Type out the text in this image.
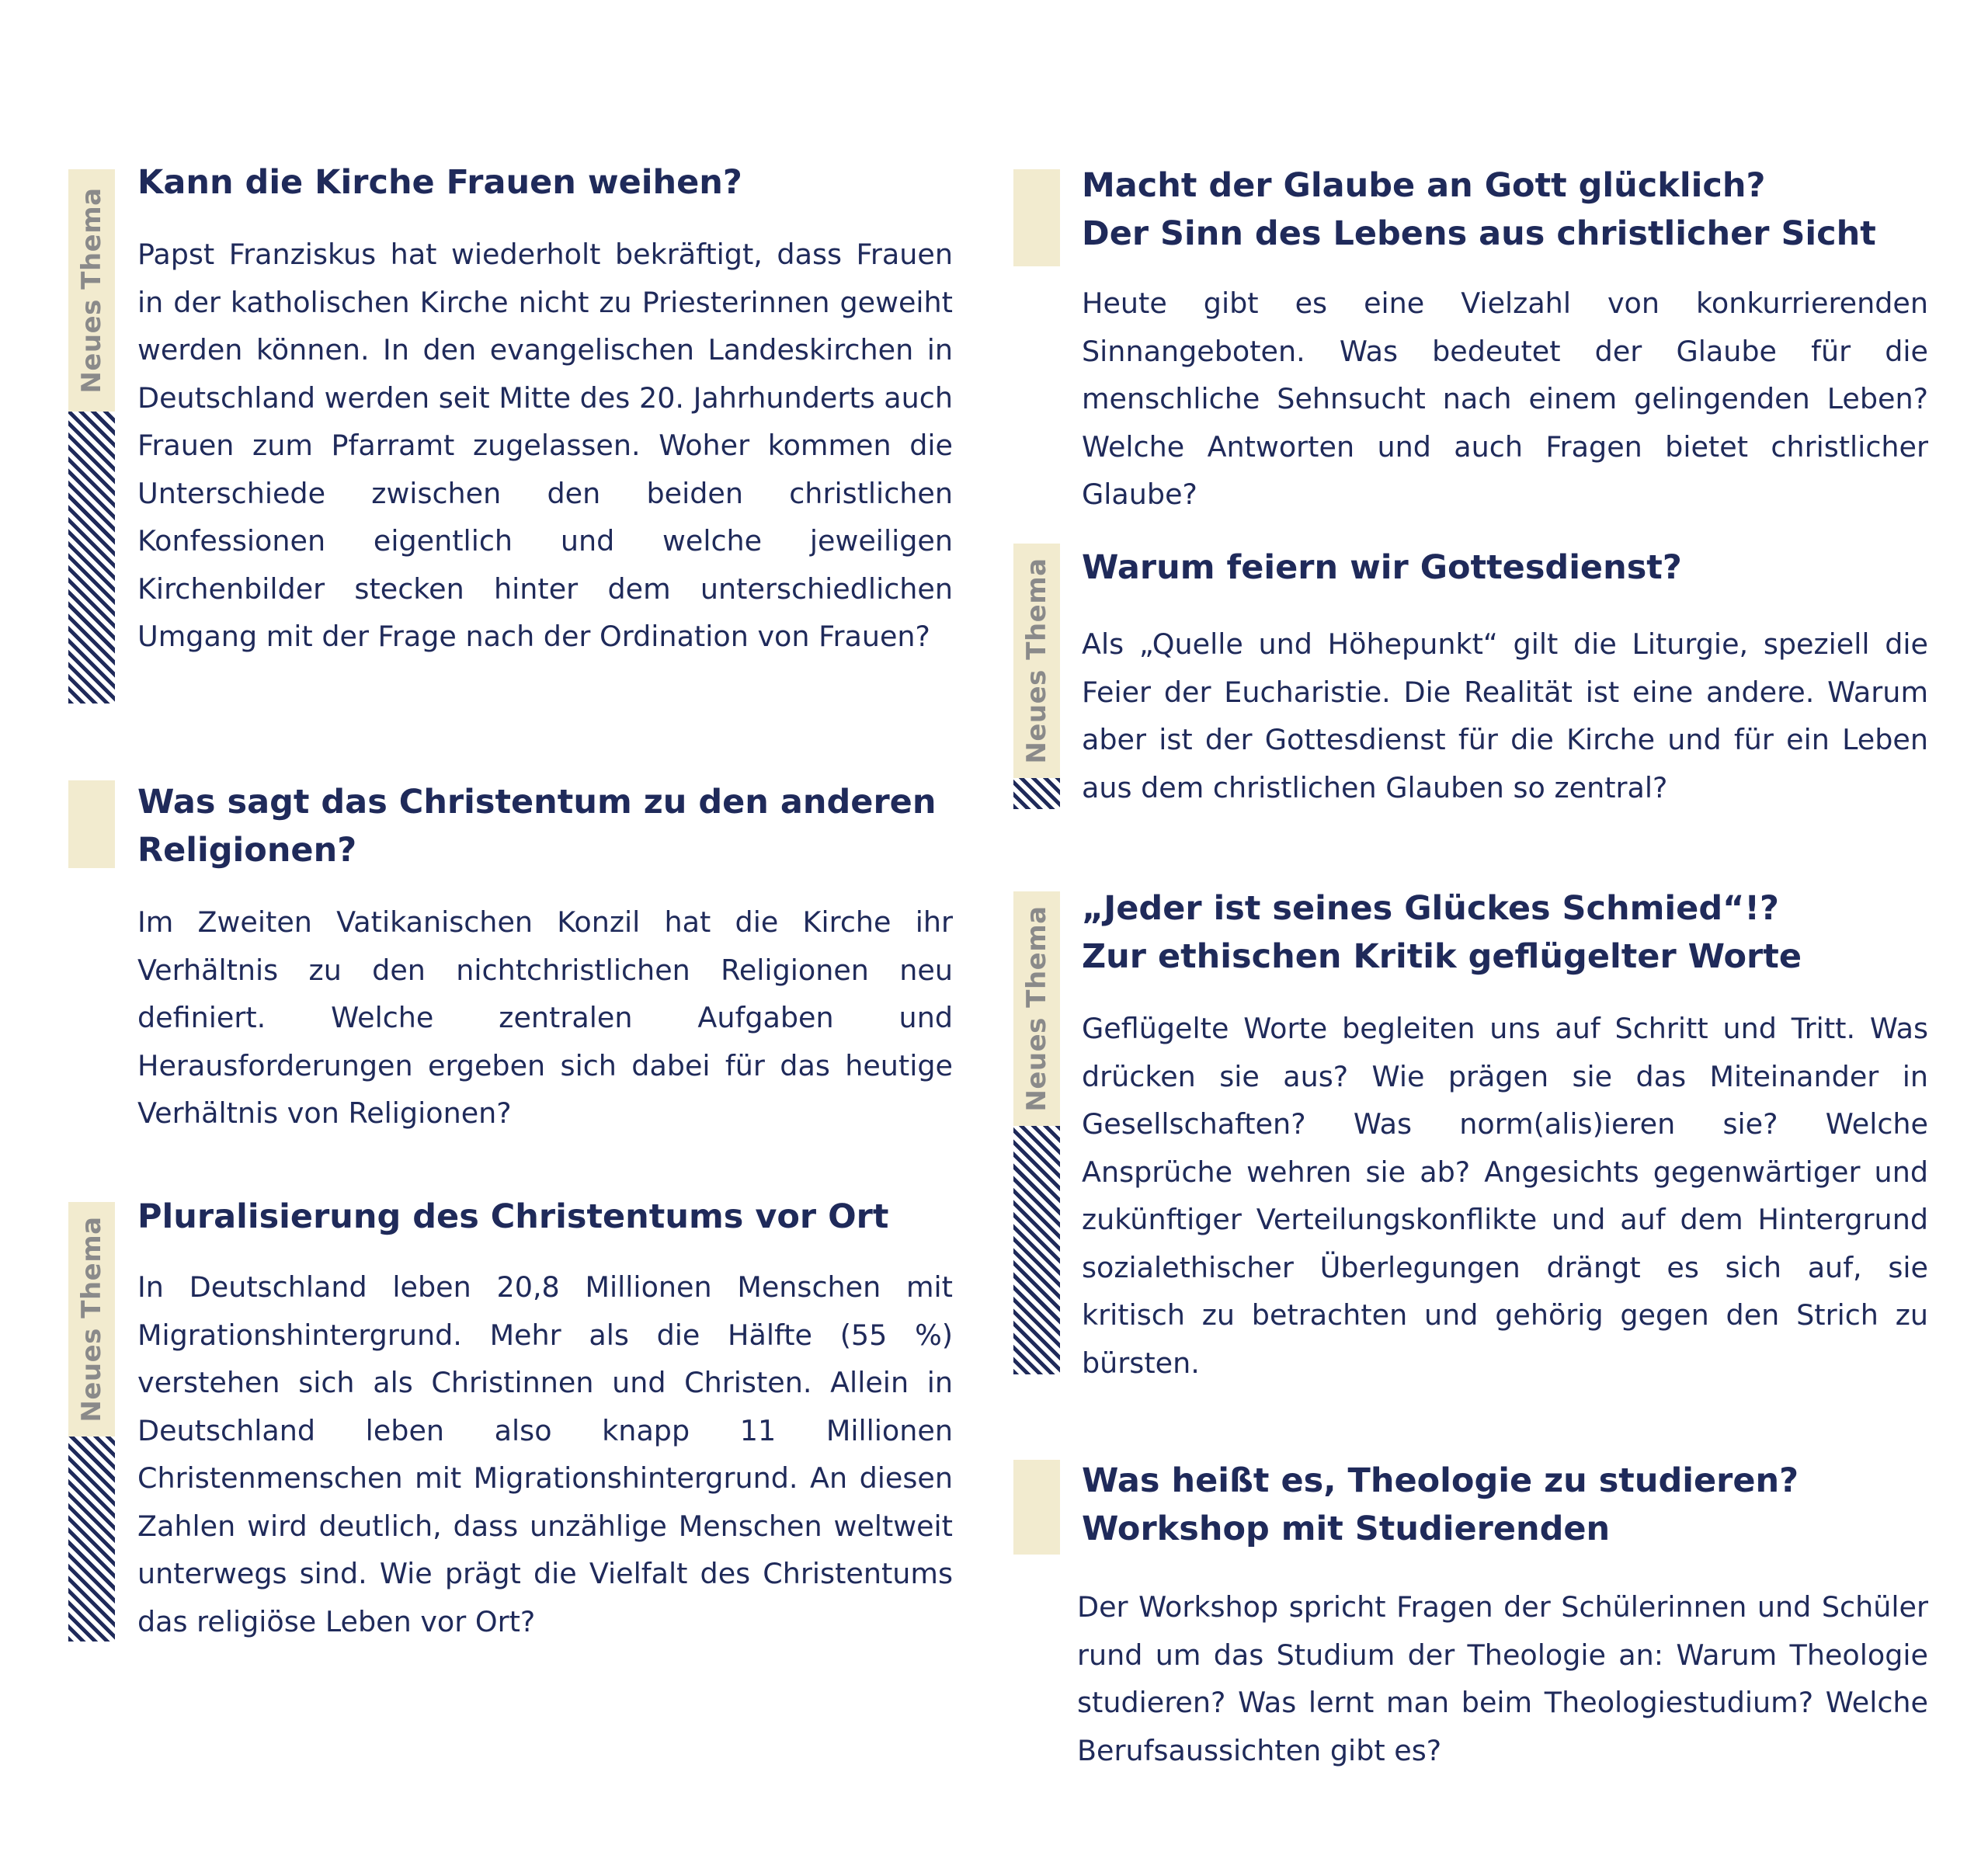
Neues Thema
Kann die Kirche Frauen weihen?

Papst Franziskus hat wiederholt bekräftigt, dass Frauen in der katholischen Kirche nicht zu Priesterinnen geweiht werden können. In den evangelischen Landeskirchen in Deutschland werden seit Mitte des 20. Jahrhunderts auch Frauen zum Pfarramt zugelassen. Woher kommen die Unterschiede zwischen den beiden christlichen Konfessionen eigentlich und welche jeweiligen Kirchenbilder stecken hinter dem unterschiedlichen Umgang mit der Frage nach der Ordination von Frauen?

Was sagt das Christentum zu den anderen Religionen?

Im Zweiten Vatikanischen Konzil hat die Kirche ihr Verhältnis zu den nichtchristlichen Religionen neu definiert. Welche zentralen Aufgaben und Herausforderungen ergeben sich dabei für das heutige Verhältnis von Religionen?

Neues Thema Pluralisierung des Christentums vor Ort

In Deutschland leben 20,8 Millionen Menschen mit Migrationshintergrund. Mehr als die Hälfte (55 %) verstehen sich als Christinnen und Christen. Allein in Deutschland leben also knapp 11 Millionen Christenmenschen mit Migrationshintergrund. An diesen Zahlen wird deutlich, dass unzählige Menschen weltweit unterwegs sind. Wie prägt die Vielfalt des Christentums das religiöse Leben vor Ort?

Macht der Glaube an Gott glücklich?
Der Sinn des Lebens aus christlicher Sicht

Heute gibt es eine Vielzahl von konkurrierenden Sinnangeboten. Was bedeutet der Glaube für die menschliche Sehnsucht nach einem gelingenden Leben? Welche Antworten und auch Fragen bietet christlicher Glaube?

Neues Thema Warum feiern wir Gottesdienst?

Als „Quelle und Höhepunkt“ gilt die Liturgie, speziell die Feier der Eucharistie. Die Realität ist eine andere. Warum aber ist der Gottesdienst für die Kirche und für ein Leben aus dem christlichen Glauben so zentral?

Neues Thema „Jeder ist seines Glückes Schmied“!?
Zur ethischen Kritik geflügelter Worte

Geflügelte Worte begleiten uns auf Schritt und Tritt. Was drücken sie aus? Wie prägen sie das Miteinander in Gesellschaften? Was norm(alis)ieren sie? Welche Ansprüche wehren sie ab? Angesichts gegenwärtiger und zukünftiger Verteilungskonflikte und auf dem Hintergrund sozialethischer Überlegungen drängt es sich auf, sie kritisch zu betrachten und gehörig gegen den Strich zu bürsten.

Was heißt es, Theologie zu studieren?
Workshop mit Studierenden

Der Workshop spricht Fragen der Schülerinnen und Schüler rund um das Studium der Theologie an: Warum Theologie studieren? Was lernt man beim Theologiestudium? Welche Berufsaussichten gibt es?
